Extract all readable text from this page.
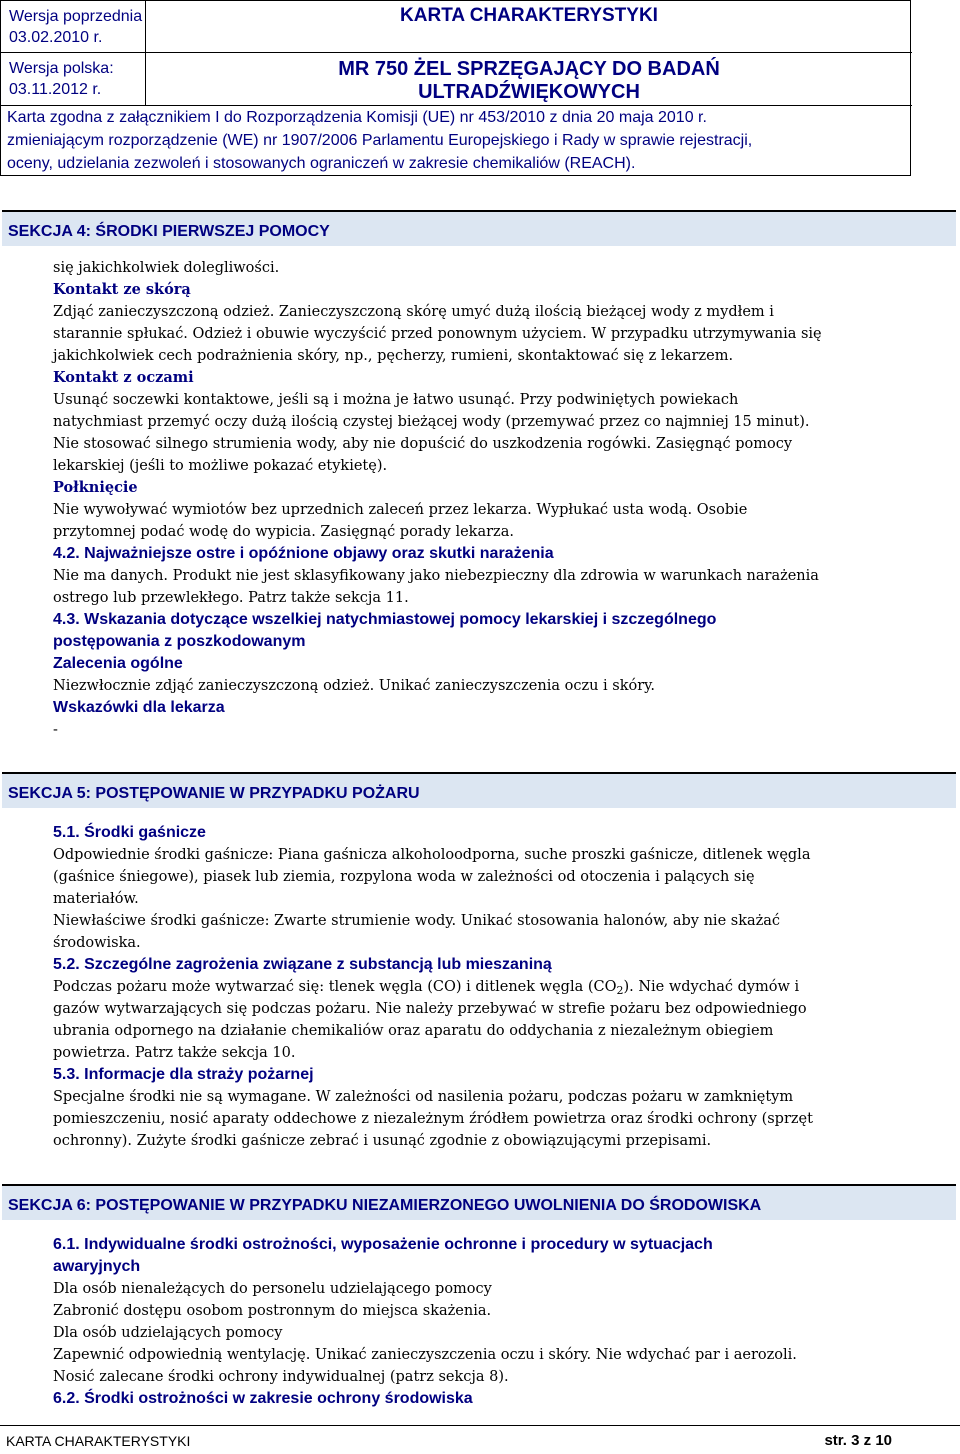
Wersja poprzednia
03.02.2010 r.
Wersja polska:
03.11.2012 r.
KARTA CHARAKTERYSTYKI
MR 750 ŻEL SPRZĘGAJĄCY DO BADAŃ
ULTRADŹWIĘKOWYCH
Karta zgodna z załącznikiem I do Rozporządzenia Komisji (UE) nr 453/2010 z dnia 20 maja 2010 r.
zmieniającym rozporządzenie (WE) nr 1907/2006 Parlamentu Europejskiego i Rady w sprawie rejestracji,
oceny, udzielania zezwoleń i stosowanych ograniczeń w zakresie chemikaliów (REACH).
SEKCJA 4: ŚRODKI PIERWSZEJ POMOCY
się jakichkolwiek dolegliwości.
Kontakt ze skórą
Zdjąć zanieczyszczoną odzież. Zanieczyszczoną skórę umyć dużą ilością bieżącej wody z mydłem i
starannie spłukać. Odzież i obuwie wyczyścić przed ponownym użyciem. W przypadku utrzymywania się
jakichkolwiek cech podrażnienia skóry, np., pęcherzy, rumieni, skontaktować się z lekarzem.
Kontakt z oczami
Usunąć soczewki kontaktowe, jeśli są i można je łatwo usunąć. Przy podwiniętych powiekach
natychmiast przemyć oczy dużą ilością czystej bieżącej wody (przemywać przez co najmniej 15 minut).
Nie stosować silnego strumienia wody, aby nie dopuścić do uszkodzenia rogówki. Zasięgnąć pomocy
lekarskiej (jeśli to możliwe pokazać etykietę).
Połknięcie
Nie wywoływać wymiotów bez uprzednich zaleceń przez lekarza. Wypłukać usta wodą. Osobie
przytomnej podać wodę do wypicia. Zasięgnąć porady lekarza.
4.2. Najważniejsze ostre i opóźnione objawy oraz skutki narażenia
Nie ma danych. Produkt nie jest sklasyfikowany jako niebezpieczny dla zdrowia w warunkach narażenia
ostrego lub przewlekłego. Patrz także sekcja 11.
4.3. Wskazania dotyczące wszelkiej natychmiastowej pomocy lekarskiej i szczególnego
postępowania z poszkodowanym
Zalecenia ogólne
Niezwłocznie zdjąć zanieczyszczoną odzież. Unikać zanieczyszczenia oczu i skóry.
Wskazówki dla lekarza
-
SEKCJA 5: POSTĘPOWANIE W PRZYPADKU POŻARU
5.1. Środki gaśnicze
Odpowiednie środki gaśnicze: Piana gaśnicza alkoholoodporna, suche proszki gaśnicze, ditlenek węgla
(gaśnice śniegowe), piasek lub ziemia, rozpylona woda w zależności od otoczenia i palących się
materiałów.
Niewłaściwe środki gaśnicze: Zwarte strumienie wody. Unikać stosowania halonów, aby nie skażać
środowiska.
5.2. Szczególne zagrożenia związane z substancją lub mieszaniną
Podczas pożaru może wytwarzać się: tlenek węgla (CO) i ditlenek węgla $(CO_2)$. Nie wdychać dymów i
gazów wytwarzających się podczas pożaru. Nie należy przebywać w strefie pożaru bez odpowiedniego
ubrania odpornego na działanie chemikaliów oraz aparatu do oddychania z niezależnym obiegiem
powietrza. Patrz także sekcja 10.
5.3. Informacje dla straży pożarnej
Specjalne środki nie są wymagane. W zależności od nasilenia pożaru, podczas pożaru w zamkniętym
pomieszczeniu, nosić aparaty oddechowe z niezależnym źródłem powietrza oraz środki ochrony (sprzęt
ochronny). Zużyte środki gaśnicze zebrać i usunąć zgodnie z obowiązującymi przepisami.
SEKCJA 6: POSTĘPOWANIE W PRZYPADKU NIEZAMIERZONEGO UWOLNIENIA DO ŚRODOWISKA
6.1. Indywidualne środki ostrożności, wyposażenie ochronne i procedury w sytuacjach
awaryjnych
Dla osób nienależących do personelu udzielającego pomocy
Zabronić dostępu osobom postronnym do miejsca skażenia.
Dla osób udzielających pomocy
Zapewnić odpowiednią wentylację. Unikać zanieczyszczenia oczu i skóry. Nie wdychać par i aerozoli.
Nosić zalecane środki ochrony indywidualnej (patrz sekcja 8).
6.2. Środki ostrożności w zakresie ochrony środowiska
KARTA CHARAKTERYSTYKI	str. 3 z 10
